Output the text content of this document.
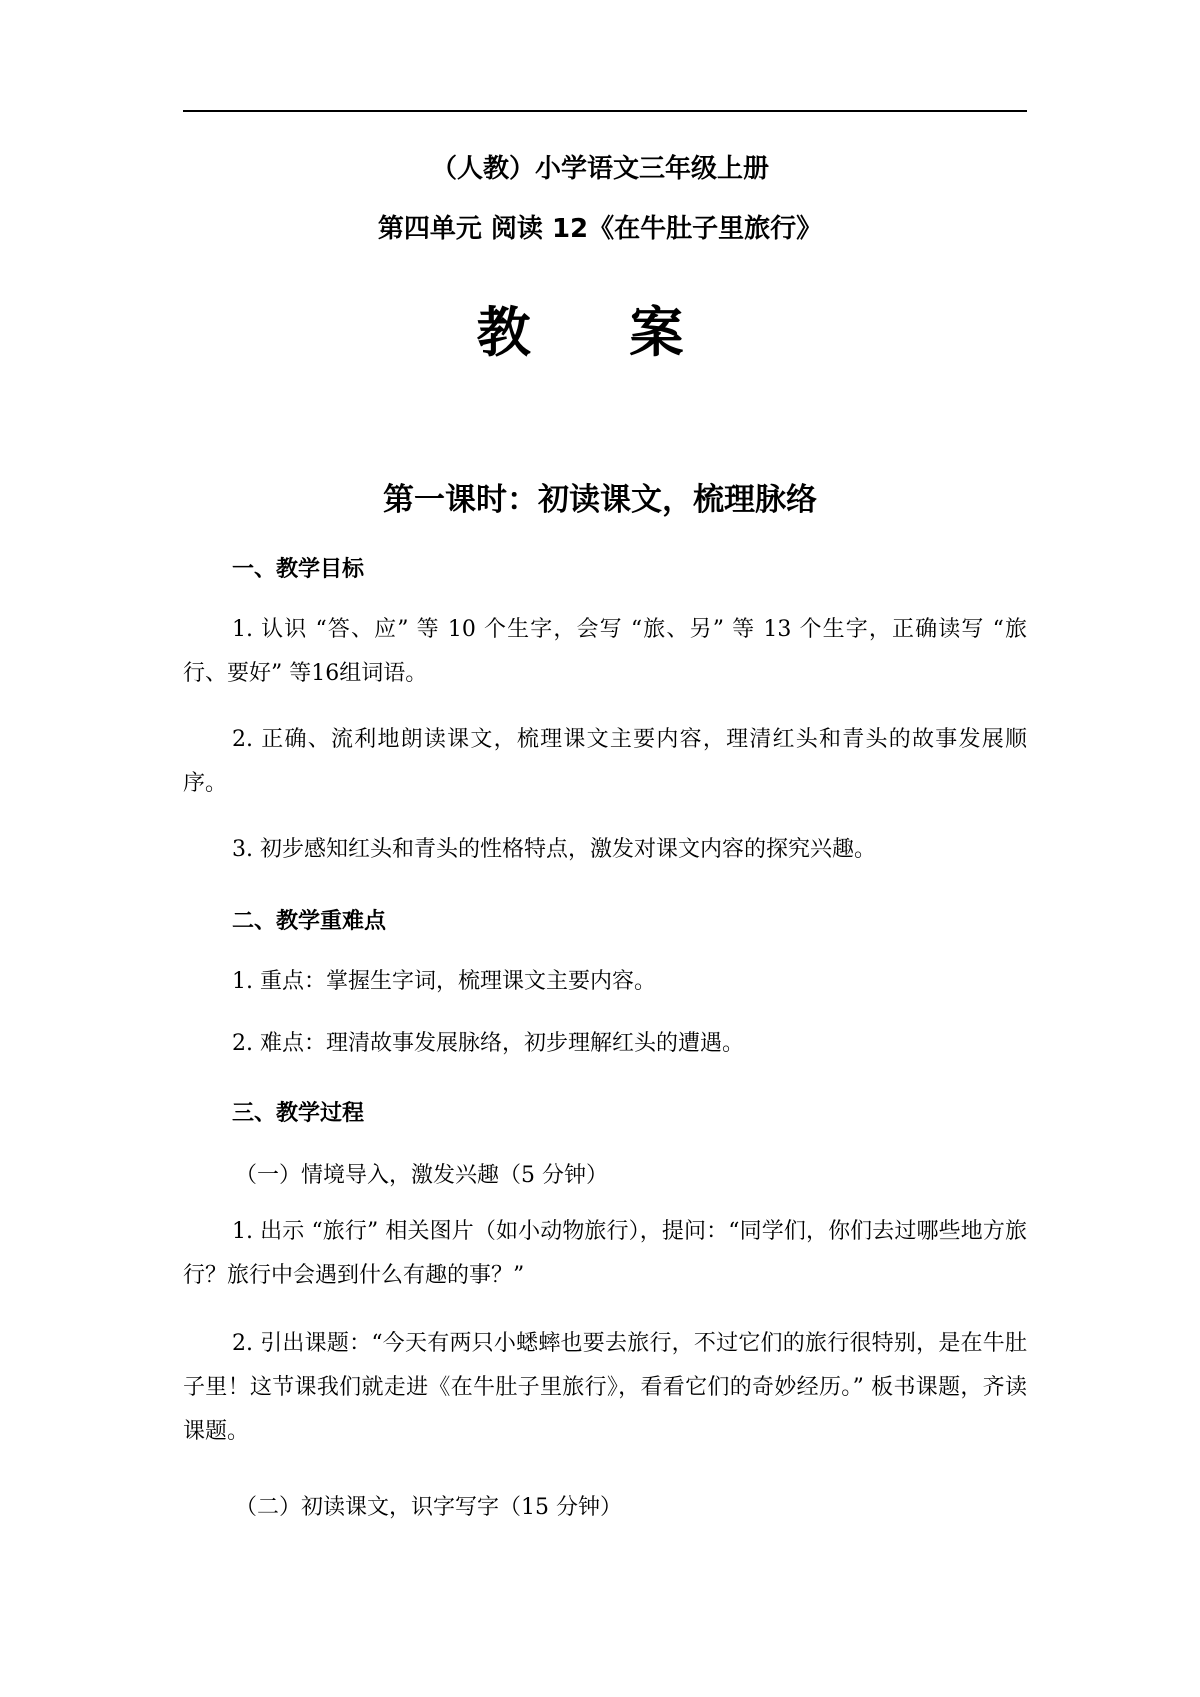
（人教）小学语文三年级上册
第四单元 阅读 12《在牛肚子里旅行》
教 案
第一课时：初读课文，梳理脉络
一、教学目标
1. 认识 “答、应” 等 10 个生字，会写 “旅、另” 等 13 个生字，正确读写 “旅行、要好” 等16组词语。
2. 正确、流利地朗读课文，梳理课文主要内容，理清红头和青头的故事发展顺序。
3. 初步感知红头和青头的性格特点，激发对课文内容的探究兴趣。
二、教学重难点
1. 重点：掌握生字词，梳理课文主要内容。
2. 难点：理清故事发展脉络，初步理解红头的遭遇。
三、教学过程
（一）情境导入，激发兴趣（5 分钟）
1. 出示 “旅行” 相关图片（如小动物旅行），提问：“同学们，你们去过哪些地方旅行？旅行中会遇到什么有趣的事？”
2. 引出课题：“今天有两只小蟋蟀也要去旅行，不过它们的旅行很特别，是在牛肚子里！这节课我们就走进《在牛肚子里旅行》，看看它们的奇妙经历。” 板书课题，齐读课题。
（二）初读课文，识字写字（15 分钟）
